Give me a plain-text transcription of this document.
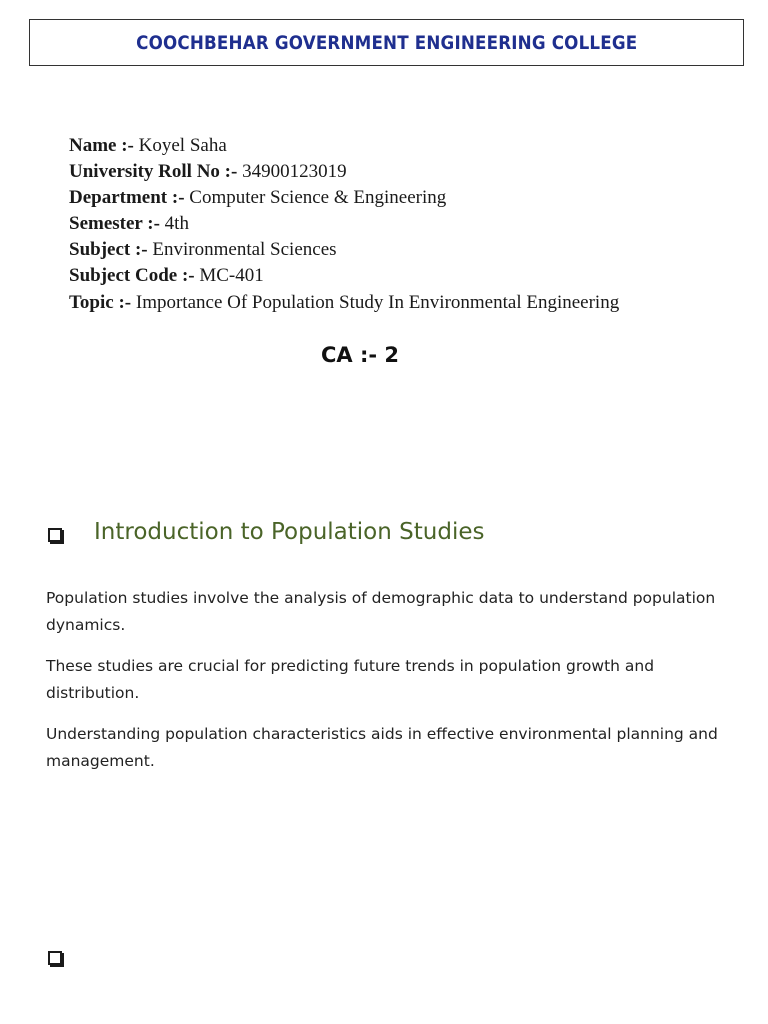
COOCHBEHAR GOVERNMENT ENGINEERING COLLEGE
Name :- Koyel Saha
University Roll No :- 34900123019
Department :- Computer Science & Engineering
Semester :- 4th
Subject :- Environmental Sciences
Subject Code :- MC-401
Topic :- Importance Of Population Study In Environmental Engineering
CA :- 2
Introduction to Population Studies

Population studies involve the analysis of demographic data to understand population dynamics.

These studies are crucial for predicting future trends in population growth and distribution.

Understanding population characteristics aids in effective environmental planning and management.
